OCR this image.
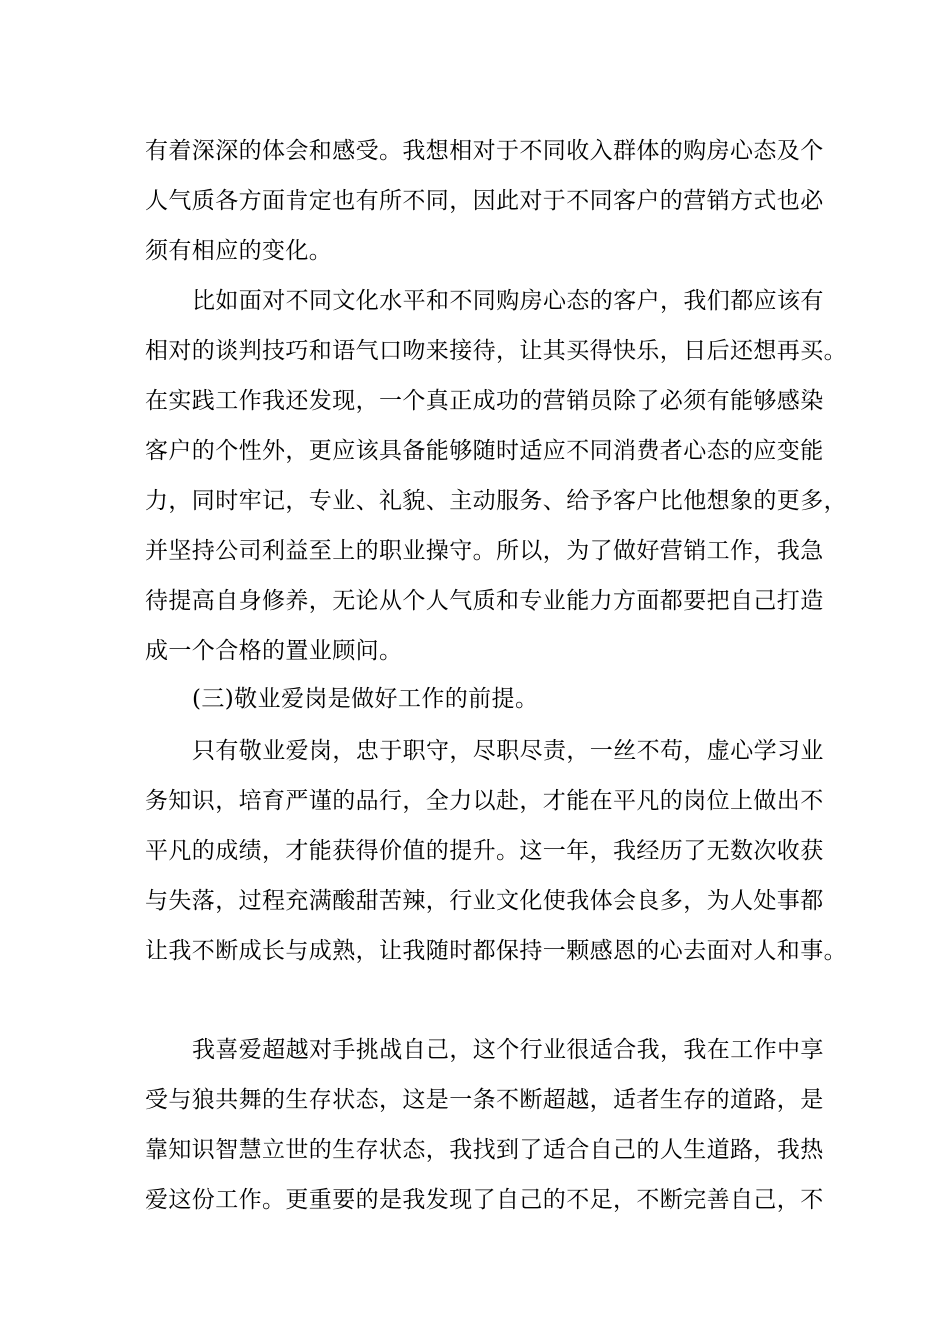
有着深深的体会和感受。我想相对于不同收入群体的购房心态及个
人气质各方面肯定也有所不同，因此对于不同客户的营销方式也必
须有相应的变化。
比如面对不同文化水平和不同购房心态的客户，我们都应该有
相对的谈判技巧和语气口吻来接待，让其买得快乐，日后还想再买。
在实践工作我还发现，一个真正成功的营销员除了必须有能够感染
客户的个性外，更应该具备能够随时适应不同消费者心态的应变能
力，同时牢记，专业、礼貌、主动服务、给予客户比他想象的更多，
并坚持公司利益至上的职业操守。所以，为了做好营销工作，我急
待提高自身修养，无论从个人气质和专业能力方面都要把自己打造
成一个合格的置业顾问。
(三)敬业爱岗是做好工作的前提。
只有敬业爱岗，忠于职守，尽职尽责，一丝不苟，虚心学习业
务知识，培育严谨的品行，全力以赴，才能在平凡的岗位上做出不
平凡的成绩，才能获得价值的提升。这一年，我经历了无数次收获
与失落，过程充满酸甜苦辣，行业文化使我体会良多，为人处事都
让我不断成长与成熟，让我随时都保持一颗感恩的心去面对人和事。
我喜爱超越对手挑战自己，这个行业很适合我，我在工作中享
受与狼共舞的生存状态，这是一条不断超越，适者生存的道路，是
靠知识智慧立世的生存状态，我找到了适合自己的人生道路，我热
爱这份工作。更重要的是我发现了自己的不足，不断完善自己，不
